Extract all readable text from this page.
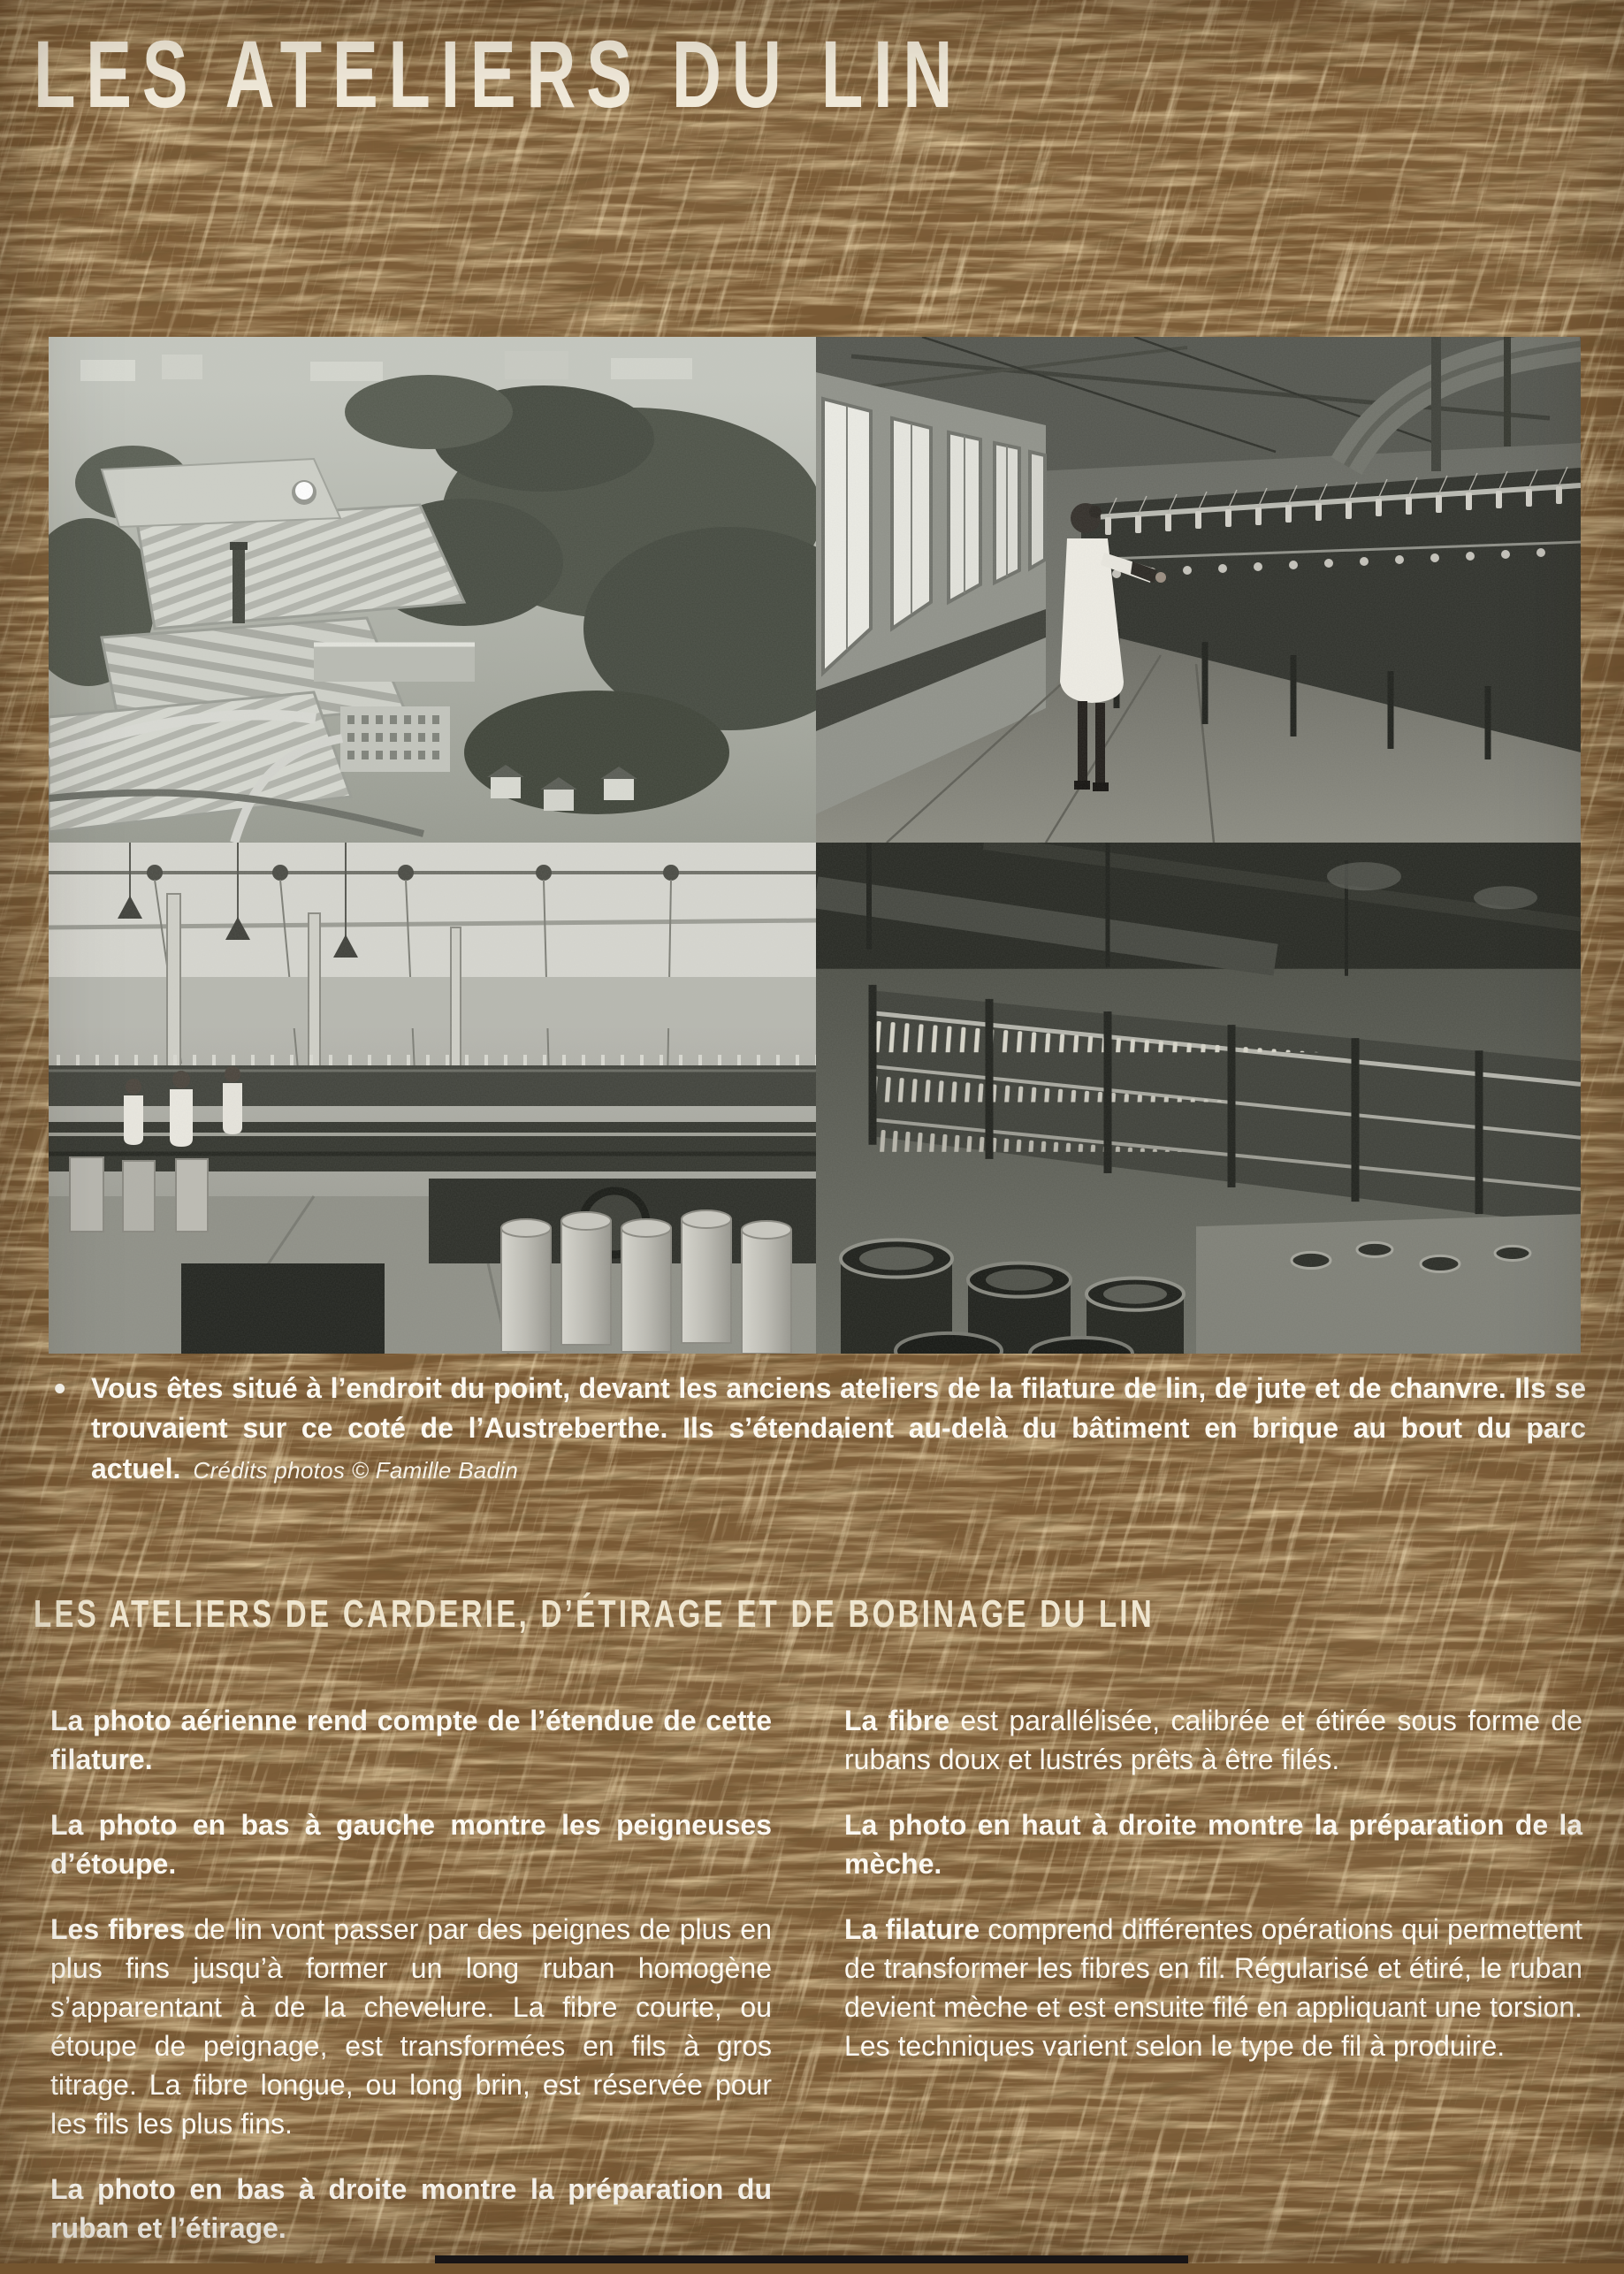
LES ATELIERS DU LIN
• Vous êtes situé à l’endroit du point, devant les anciens ateliers de la filature de lin, de jute et de chanvre. Ils se trouvaient sur ce coté de l’Austreberthe. Ils s’étendaient au-delà du bâtiment en brique au bout du parc actuel. Crédits photos © Famille Badin
LES ATELIERS DE CARDERIE, D’ÉTIRAGE ET DE BOBINAGE DU LIN

La photo aérienne rend compte de l’étendue de cette filature.

La photo en bas à gauche montre les peigneuses d’étoupe.

Les fibres de lin vont passer par des peignes de plus en plus fins jusqu’à former un long ruban homogène s’apparentant à de la chevelure. La fibre courte, ou étoupe de peignage, est transformées en fils à gros titrage. La fibre longue, ou long brin, est réservée pour les fils les plus fins.

La photo en bas à droite montre la préparation du ruban et l’étirage.

La fibre est parallélisée, calibrée et étirée sous forme de rubans doux et lustrés prêts à être filés.

La photo en haut à droite montre la préparation de la mèche.

La filature comprend différentes opérations qui permettent de transformer les fibres en fil. Régularisé et étiré, le ruban devient mèche et est ensuite filé en appliquant une torsion. Les techniques varient selon le type de fil à produire.
